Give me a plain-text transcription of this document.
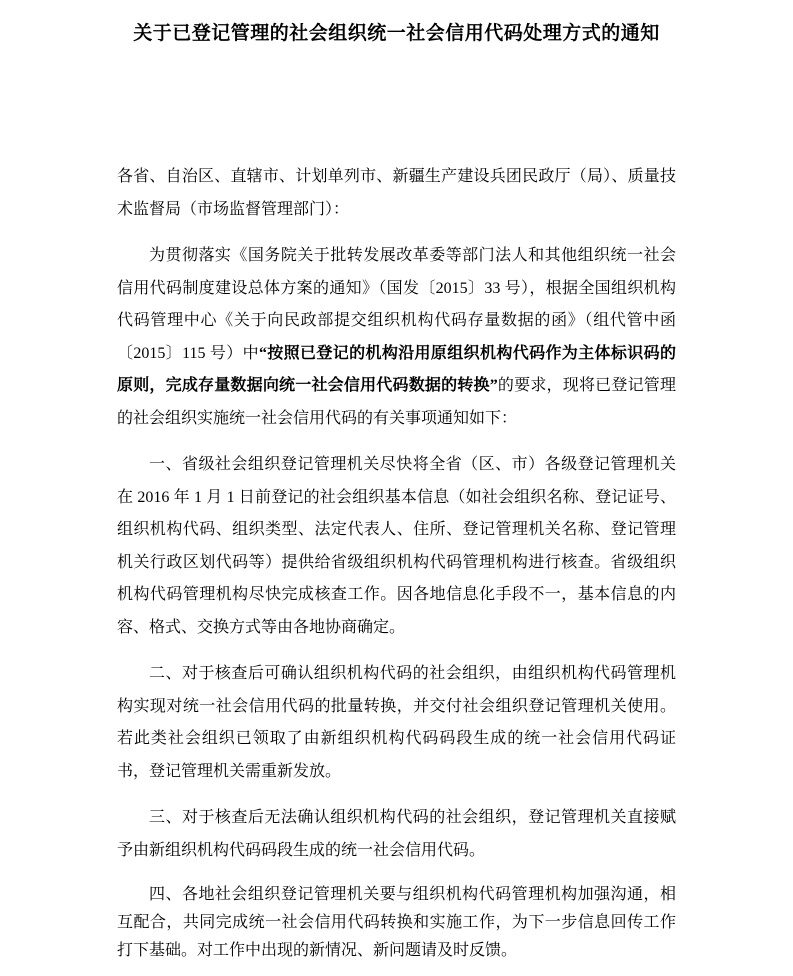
关于已登记管理的社会组织统一社会信用代码处理方式的通知

各省、自治区、直辖市、计划单列市、新疆生产建设兵团民政厅（局）、质量技术监督局（市场监督管理部门）：

为贯彻落实《国务院关于批转发展改革委等部门法人和其他组织统一社会信用代码制度建设总体方案的通知》（国发〔2015〕33 号），根据全国组织机构代码管理中心《关于向民政部提交组织机构代码存量数据的函》（组代管中函〔2015〕115 号）中“按照已登记的机构沿用原组织机构代码作为主体标识码的原则，完成存量数据向统一社会信用代码数据的转换”的要求，现将已登记管理的社会组织实施统一社会信用代码的有关事项通知如下：

一、省级社会组织登记管理机关尽快将全省（区、市）各级登记管理机关在 2016 年 1 月 1 日前登记的社会组织基本信息（如社会组织名称、登记证号、组织机构代码、组织类型、法定代表人、住所、登记管理机关名称、登记管理机关行政区划代码等）提供给省级组织机构代码管理机构进行核查。省级组织机构代码管理机构尽快完成核查工作。因各地信息化手段不一，基本信息的内容、格式、交换方式等由各地协商确定。

二、对于核查后可确认组织机构代码的社会组织，由组织机构代码管理机构实现对统一社会信用代码的批量转换，并交付社会组织登记管理机关使用。若此类社会组织已领取了由新组织机构代码码段生成的统一社会信用代码证书，登记管理机关需重新发放。

三、对于核查后无法确认组织机构代码的社会组织，登记管理机关直接赋予由新组织机构代码码段生成的统一社会信用代码。

四、各地社会组织登记管理机关要与组织机构代码管理机构加强沟通，相互配合，共同完成统一社会信用代码转换和实施工作，为下一步信息回传工作打下基础。对工作中出现的新情况、新问题请及时反馈。
